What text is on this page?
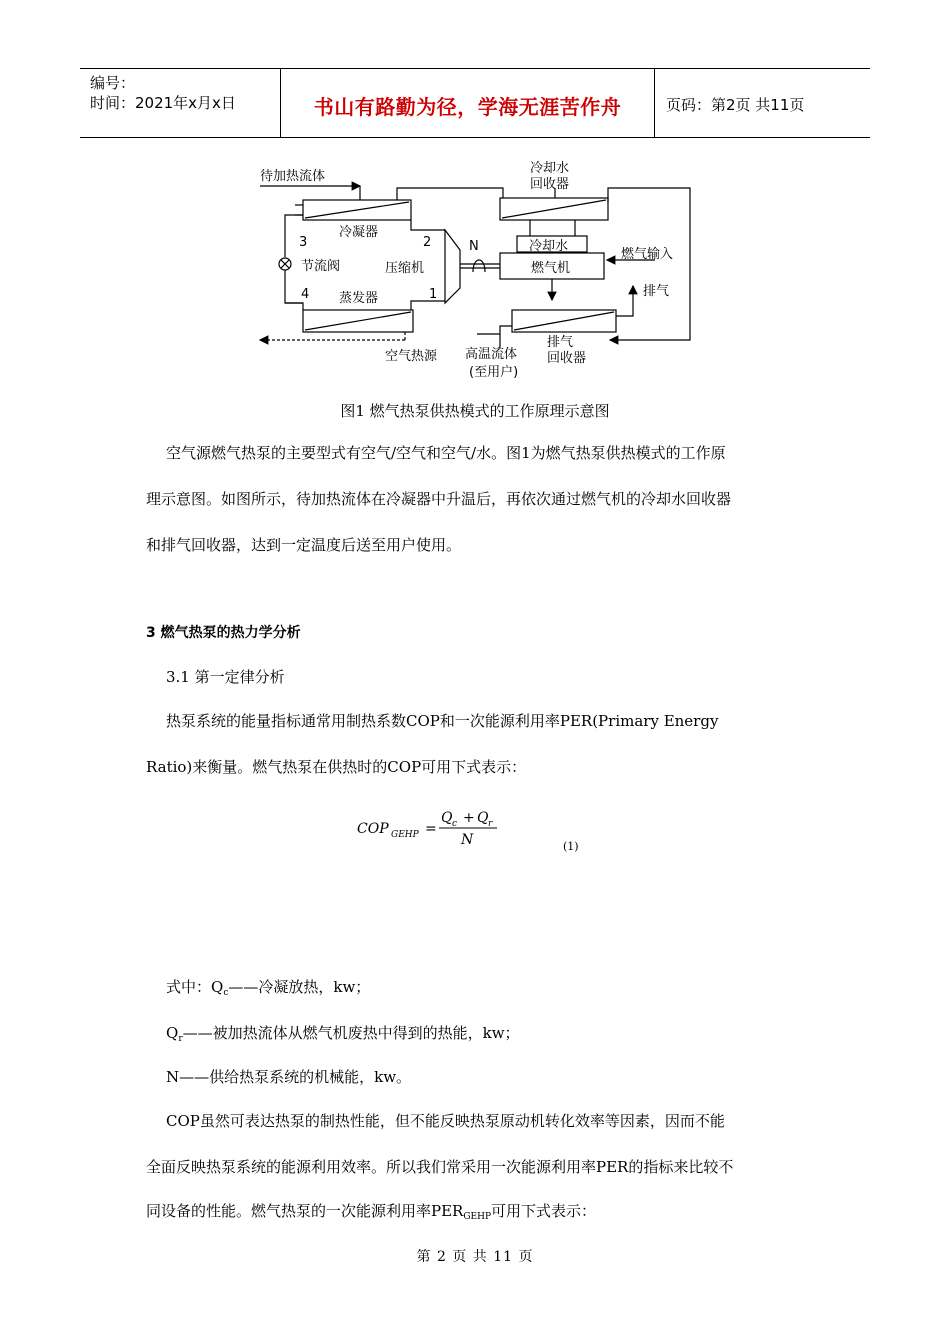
编号：
时间：2021年x月x日	书山有路勤为径，学海无涯苦作舟	页码：第2页 共11页
待加热流体
冷却水
回收器
冷凝器
3	2	N	冷却水
燃气输入
节流阀	压缩机	燃气机
4 蒸发器	1	排气
排气
回收器
空气热源 高温流体
(至用户)
图1 燃气热泵供热模式的工作原理示意图
空气源燃气热泵的主要型式有空气/空气和空气/水。图1为燃气热泵供热模式的工作原
理示意图。如图所示，待加热流体在冷凝器中升温后，再依次通过燃气机的冷却水回收器
和排气回收器，达到一定温度后送至用户使用。
3 燃气热泵的热力学分析
3.1 第一定律分析
热泵系统的能量指标通常用制热系数COP和一次能源利用率PER(Primary Energy
Ratio)来衡量。燃气热泵在供热时的COP可用下式表示：
COP GEHP =
Q c + Q r
N	(1)
式中：$Q_c——$冷凝放热，kw；
$Q_r——$被加热流体从燃气机废热中得到的热能，kw；
N——供给热泵系统的机械能，kw。
COP虽然可表达热泵的制热性能，但不能反映热泵原动机转化效率等因素，因而不能
全面反映热泵系统的能源利用效率。所以我们常采用一次能源利用率PER的指标来比较不
同设备的性能。燃气热泵的一次能源利用率$PER_{GEHP}$可用下式表示：
第 2 页 共 11 页
